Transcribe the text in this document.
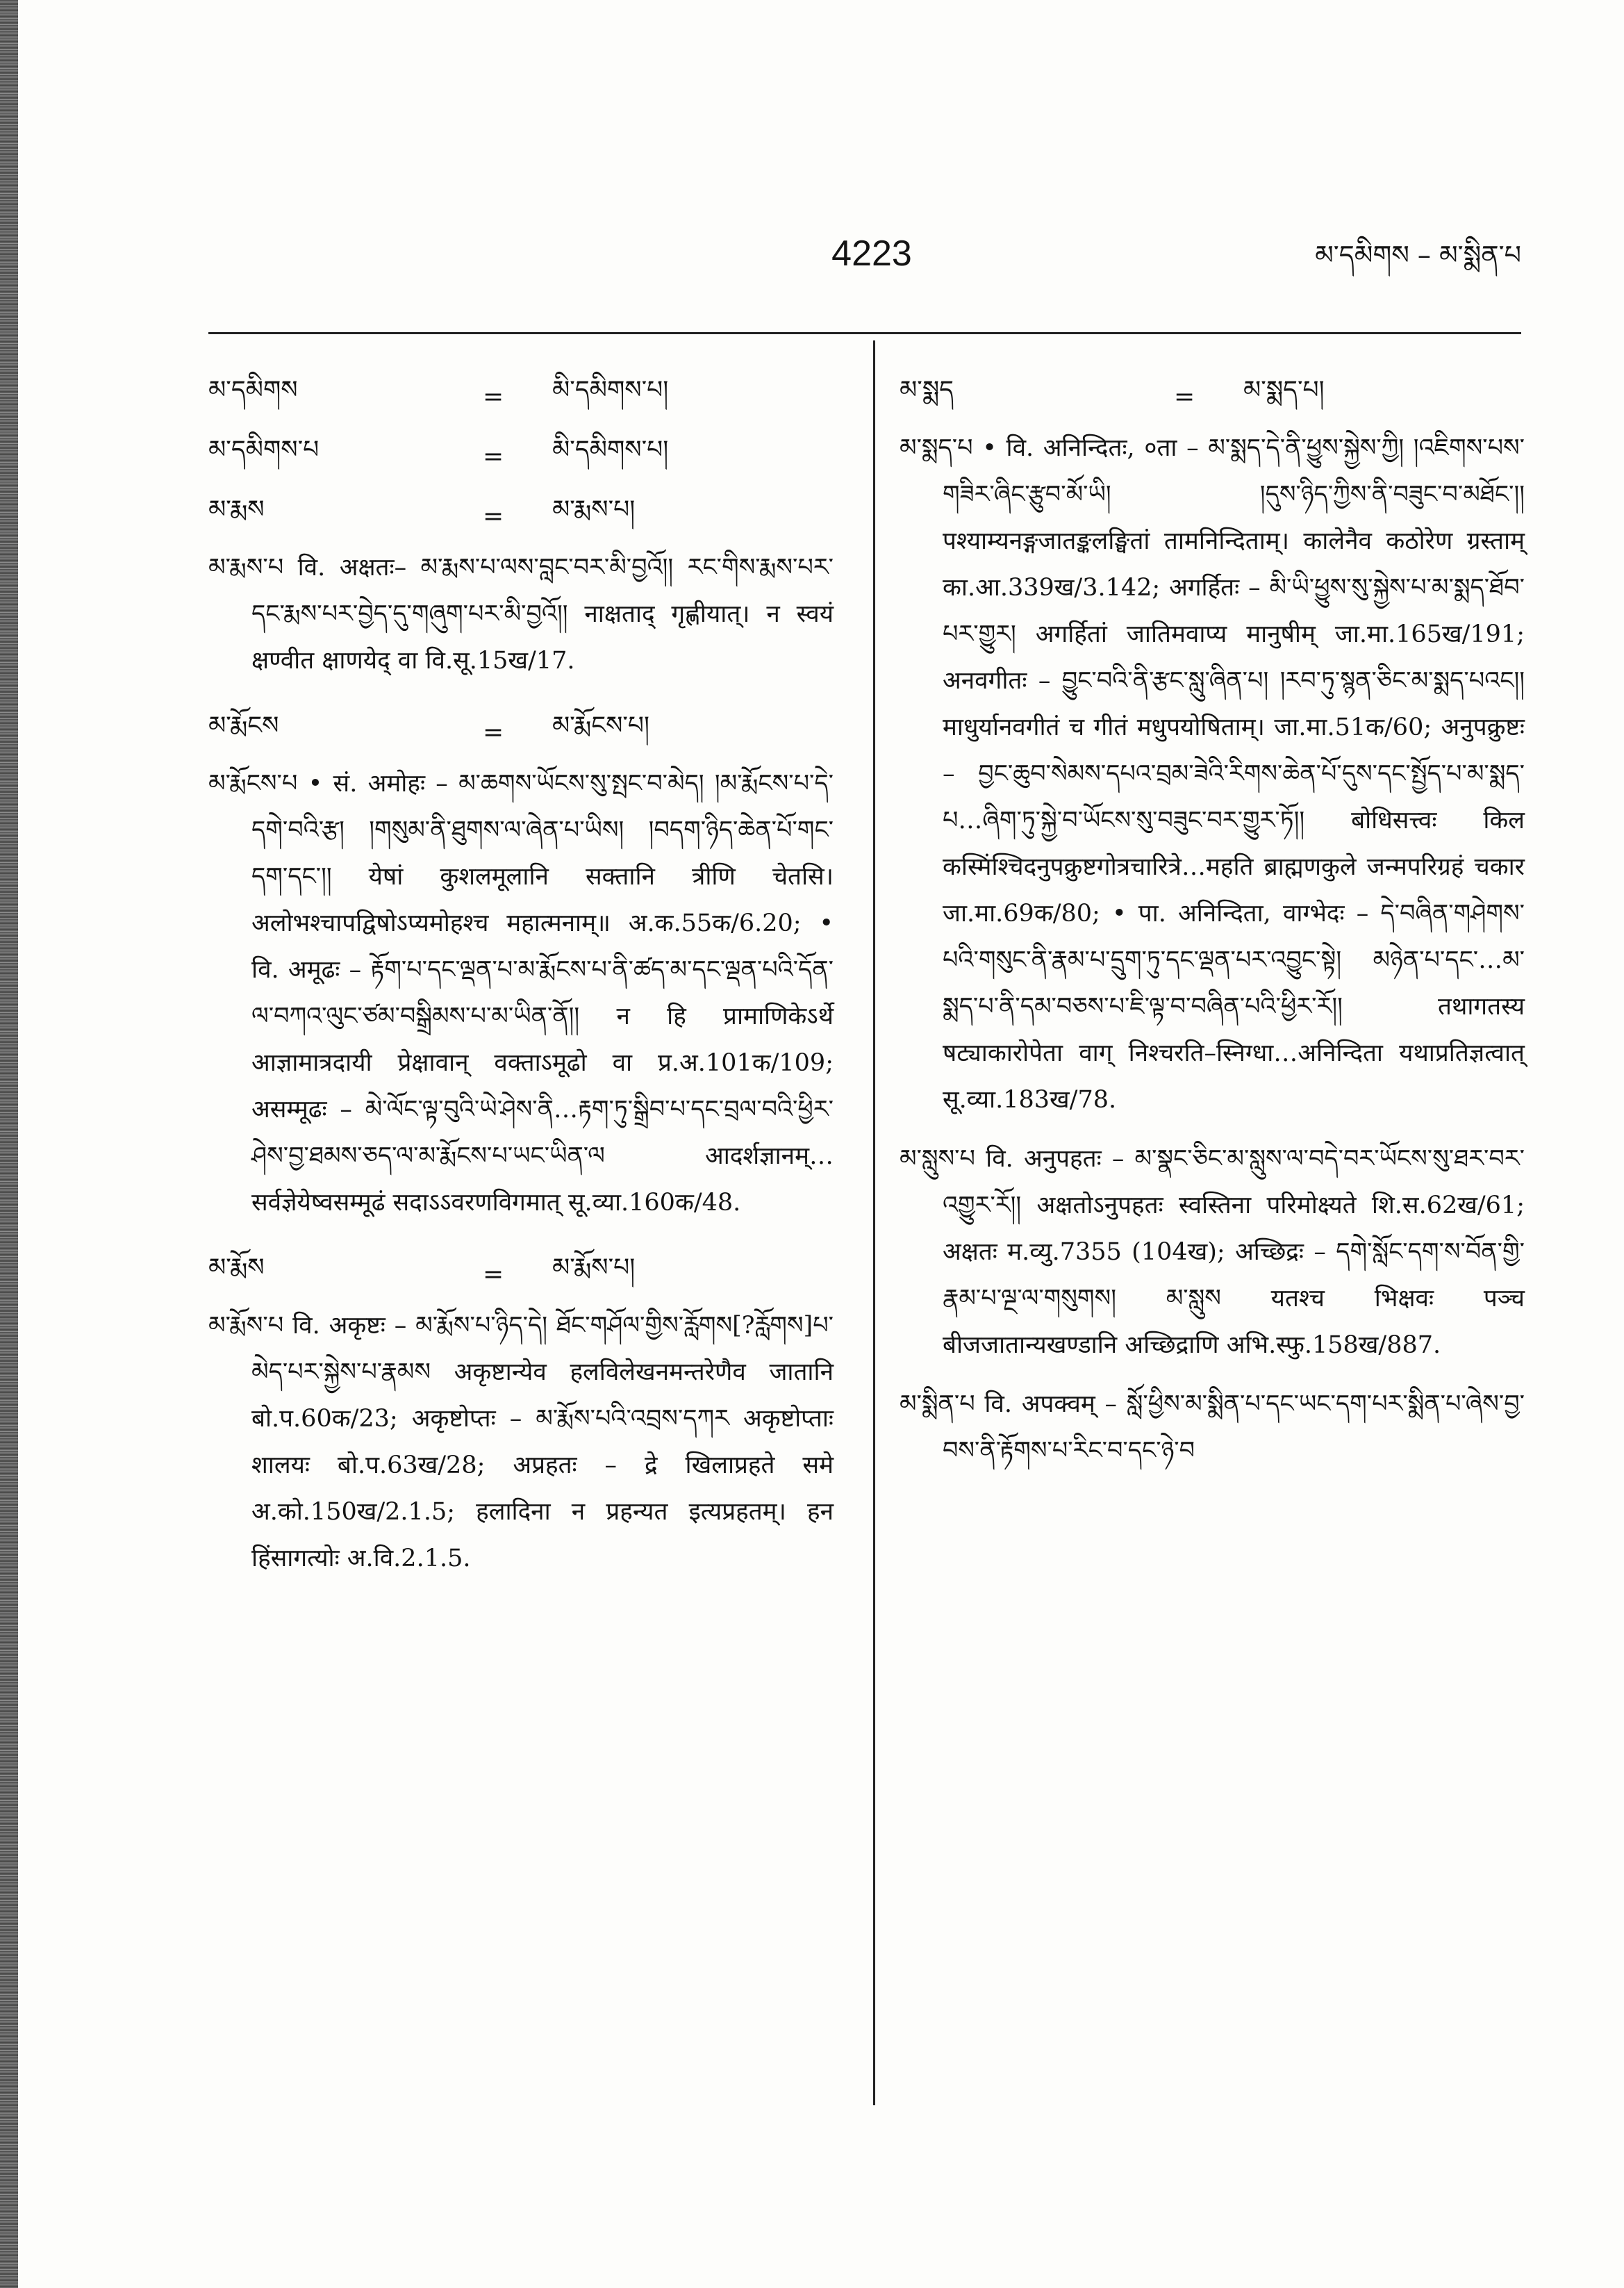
4223	མ་དམིགས – མ་སྨིན་པ
མ་དམིགས	=	མི་དམིགས་པ།
མ་དམིགས་པ	=	མི་དམིགས་པ།
མ་རྨས	=	མ་རྨས་པ།

མ་རྨས་པ वि. अक्षतः– མ་རྨས་པ་ལས་བླང་བར་མི་བྱའོ།། རང་གིས་རྨས་པར་དང་རྨས་པར་བྱེད་དུ་གཞུག་པར་མི་བྱའོ།། नाक्षताद् गृह्णीयात्। न स्वयं क्षण्वीत क्षाणयेद् वा वि.सू.15ख/17.

མ་རྨོངས	=	མ་རྨོངས་པ།

མ་རྨོངས་པ • सं. अमोहः – མ་ཆགས་ཡོངས་སུ་སྤང་བ་མེད། །མ་རྨོངས་པ་དེ་དགེ་བའི་རྩ། །གསུམ་ནི་ཐུགས་ལ་ཞེན་པ་ཡིས། །བདག་ཉིད་ཆེན་པོ་གང་དག་དང་།། येषां कुशलमूलानि सक्तानि त्रीणि चेतसि। अलोभश्चापद्विषोऽप्यमोहश्च महात्मनाम्॥ अ.क.55क/6.20; • वि. अमूढः – རྟོག་པ་དང་ལྡན་པ་མ་རྨོངས་པ་ནི་ཚད་མ་དང་ལྡན་པའི་དོན་ལ་བཀའ་ལུང་ཙམ་བསྒྲིམས་པ་མ་ཡིན་ནོ།། न हि प्रामाणिकेऽर्थे आज्ञामात्रदायी प्रेक्षावान् वक्ताऽमूढो वा प्र.अ.101क/109; असम्मूढः – མེ་ལོང་ལྟ་བུའི་ཡེ་ཤེས་ནི…རྟག་ཏུ་སྒྲིབ་པ་དང་བྲལ་བའི་ཕྱིར་ཤེས་བྱ་ཐམས་ཅད་ལ་མ་རྨོངས་པ་ཡང་ཡིན་ལ आदर्शज्ञानम्…सर्वज्ञेयेष्वसम्मूढं सदाऽऽवरणविगमात् सू.व्या.160क/48.

མ་རྨོས	=	མ་རྨོས་པ།

མ་རྨོས་པ वि. अकृष्टः – མ་རྨོས་པ་ཉིད་དེ། ཐོང་གཤོལ་གྱིས་རློགས[?རློགས]པ་མེད་པར་སྐྱེས་པ་རྣམས अकृष्टान्येव हलविलेखनमन्तरेणैव जातानि बो.प.60क/23; अकृष्टोप्तः – མ་རྨོས་པའི་འབྲས་དཀར अकृष्टोप्ताः शालयः बो.प.63ख/28; अप्रहतः – द्रे खिलाप्रहते समे अ.को.150ख/2.1.5; हलादिना न प्रहन्यत इत्यप्रहतम्। हन हिंसागत्योः अ.वि.2.1.5.

མ་སྨད	=	མ་སྨད་པ།

མ་སྨད་པ • वि. अनिन्दितः, ०ता – མ་སྨད་དེ་ནི་ཕྱུས་སྐྱེས་ཀྱི། །འཇིགས་པས་གཟིར་ཞིང་རྩུབ་མོ་ཡི། །དུས་ཉིད་ཀྱིས་ནི་བཟུང་བ་མཐོང་།། पश्याम्यनङ्गजातङ्कलङ्घितां तामनिन्दिताम्। कालेनैव कठोरेण ग्रस्ताम् का.आ.339ख/3.142; अगर्हितः – མི་ཡི་ཕྱུས་སུ་སྐྱེས་པ་མ་སྨད་ཐོབ་པར་གྱུར། अगर्हितां जातिमवाप्य मानुषीम् जा.मा.165ख/191; अनवगीतः – བྱུང་བའི་ནི་རྩང་སླུ་ཞིན་པ། །རབ་ཏུ་སྙན་ཅིང་མ་སྨད་པའང།། माधुर्यानवगीतं च गीतं मधुपयोषिताम्। जा.मा.51क/60; अनुपक्रुष्टः – བྱང་ཆུབ་སེམས་དཔའ་བྲམ་ཟེའི་རིགས་ཆེན་པོ་དུས་དང་སྤྱོད་པ་མ་སྨད་པ…ཞིག་ཏུ་སྐྱེ་བ་ཡོངས་སུ་བཟུང་བར་གྱུར་ཏོ།། बोधिसत्त्वः किल कस्मिंश्चिदनुपक्रुष्टगोत्रचारित्रे…महति ब्राह्मणकुले जन्मपरिग्रहं चकार जा.मा.69क/80; • पा. अनिन्दिता, वाग्भेदः – དེ་བཞིན་གཤེགས་པའི་གསུང་ནི་རྣམ་པ་དྲུག་ཏུ་དང་ལྡན་པར་འབྱུང་སྟེ། མཉེན་པ་དང་…མ་སྨད་པ་ནི་དམ་བཅས་པ་ཇི་ལྟ་བ་བཞིན་པའི་ཕྱིར་རོ།། तथागतस्य षट्याकारोपेता वाग् निश्चरति–स्निग्धा…अनिन्दिता यथाप्रतिज्ञत्वात् सू.व्या.183ख/78.

མ་སླུས་པ वि. अनुपहतः – མ་སྣང་ཅིང་མ་སླུས་ལ་བདེ་བར་ཡོངས་སུ་ཐར་བར་འགྱུར་རོ།། अक्षतोऽनुपहतः स्वस्तिना परिमोक्ष्यते शि.स.62ख/61; अक्षतः म.व्यु.7355 (104ख); अच्छिद्रः – དགེ་སློང་དག་ས་བོན་གྱི་རྣམ་པ་ལྔ་ལ་གསུགས། མ་སླུས यतश्च भिक्षवः पञ्च बीजजातान्यखण्डानि अच्छिद्राणि अभि.स्फु.158ख/887.

མ་སྨིན་པ वि. अपक्वम् – སློ་ཕྱིས་མ་སྨིན་པ་དང་ཡང་དག་པར་སྨིན་པ་ཞེས་བྱ་བས་ནི་རྟོགས་པ་རིང་བ་དང་ཉེ་བ
